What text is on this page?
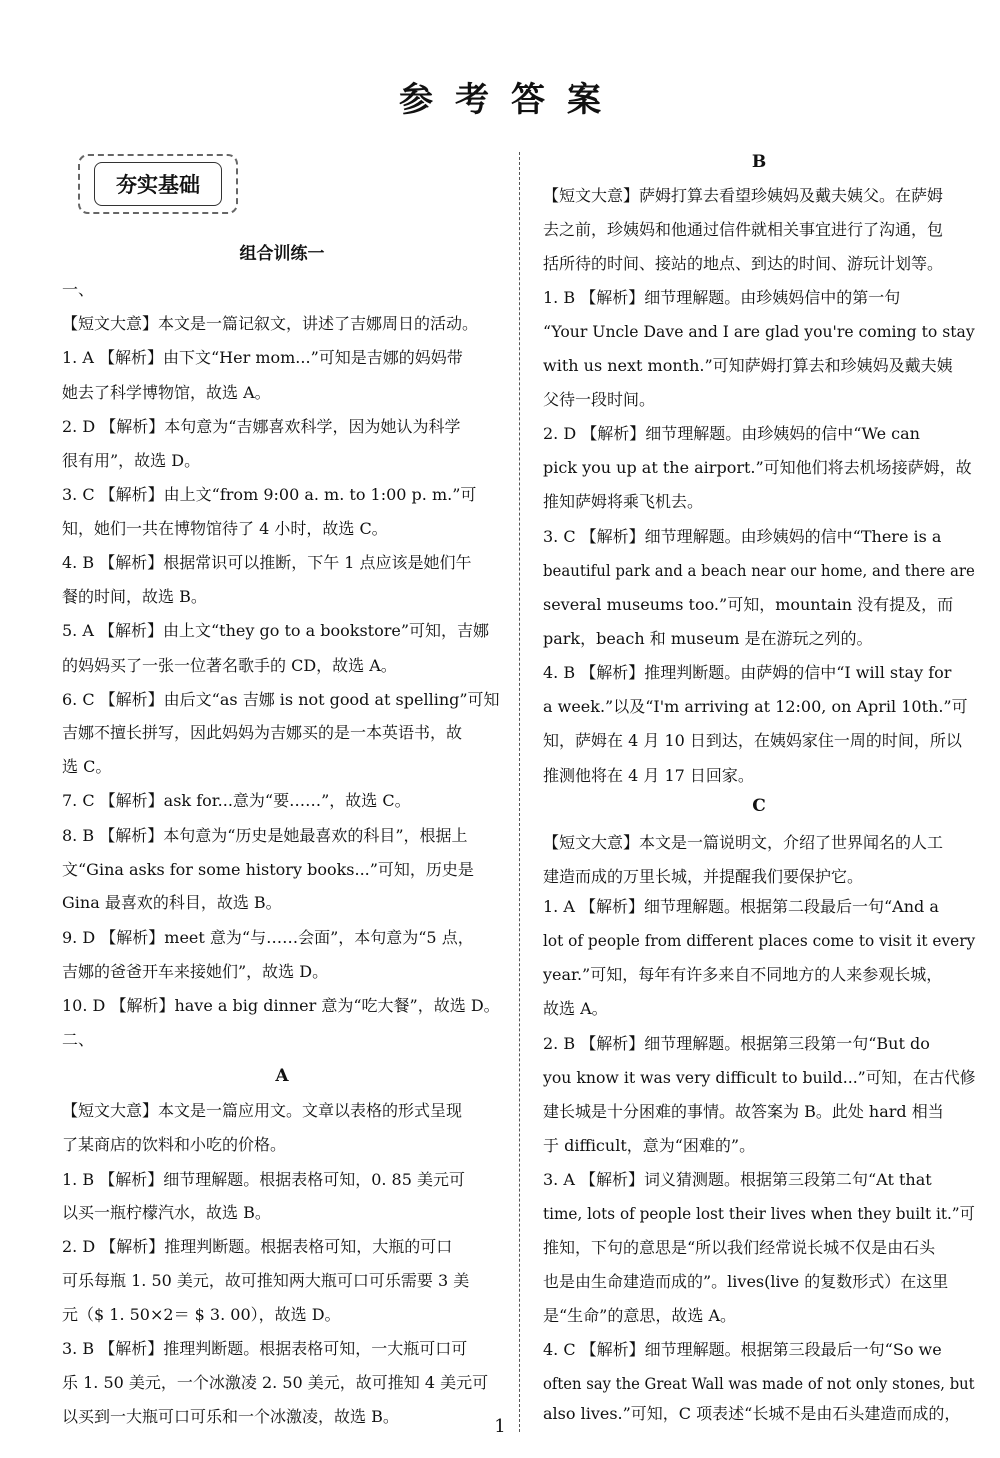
参考答案
夯实基础
组合训练一
一、
【短文大意】本文是一篇记叙文，讲述了吉娜周日的活动。
1. A 【解析】由下文“Her mom...”可知是吉娜的妈妈带
她去了科学博物馆，故选 A。
2. D 【解析】本句意为“吉娜喜欢科学，因为她认为科学
很有用”，故选 D。
3. C 【解析】由上文“from 9:00 a. m. to 1:00 p. m.”可
知，她们一共在博物馆待了 4 小时，故选 C。
4. B 【解析】根据常识可以推断，下午 1 点应该是她们午
餐的时间，故选 B。
5. A 【解析】由上文“they go to a bookstore”可知，吉娜
的妈妈买了一张一位著名歌手的 CD，故选 A。
6. C 【解析】由后文“as 吉娜 is not good at spelling”可知
吉娜不擅长拼写，因此妈妈为吉娜买的是一本英语书，故
选 C。
7. C 【解析】ask for...意为“要……”，故选 C。
8. B 【解析】本句意为“历史是她最喜欢的科目”，根据上
文“Gina asks for some history books...”可知，历史是
Gina 最喜欢的科目，故选 B。
9. D 【解析】meet 意为“与……会面”，本句意为“5 点，
吉娜的爸爸开车来接她们”，故选 D。
10. D 【解析】have a big dinner 意为“吃大餐”，故选 D。
二、
A
【短文大意】本文是一篇应用文。文章以表格的形式呈现
了某商店的饮料和小吃的价格。
1. B 【解析】细节理解题。根据表格可知，0. 85 美元可
以买一瓶柠檬汽水，故选 B。
2. D 【解析】推理判断题。根据表格可知，大瓶的可口
可乐每瓶 1. 50 美元，故可推知两大瓶可口可乐需要 3 美
元（$ 1. 50×2＝ $ 3. 00），故选 D。
3. B 【解析】推理判断题。根据表格可知，一大瓶可口可
乐 1. 50 美元，一个冰激凌 2. 50 美元，故可推知 4 美元可
以买到一大瓶可口可乐和一个冰激凌，故选 B。
B
【短文大意】萨姆打算去看望珍姨妈及戴夫姨父。在萨姆
去之前，珍姨妈和他通过信件就相关事宜进行了沟通，包
括所待的时间、接站的地点、到达的时间、游玩计划等。
1. B 【解析】细节理解题。由珍姨妈信中的第一句
“Your Uncle Dave and I are glad you're coming to stay
with us next month.”可知萨姆打算去和珍姨妈及戴夫姨
父待一段时间。
2. D 【解析】细节理解题。由珍姨妈的信中“We can
pick you up at the airport.”可知他们将去机场接萨姆，故
推知萨姆将乘飞机去。
3. C 【解析】细节理解题。由珍姨妈的信中“There is a
beautiful park and a beach near our home, and there are
several museums too.”可知，mountain 没有提及，而
park，beach 和 museum 是在游玩之列的。
4. B 【解析】推理判断题。由萨姆的信中“I will stay for
a week.”以及“I'm arriving at 12:00, on April 10th.”可
知，萨姆在 4 月 10 日到达，在姨妈家住一周的时间，所以
推测他将在 4 月 17 日回家。
C
【短文大意】本文是一篇说明文，介绍了世界闻名的人工
建造而成的万里长城，并提醒我们要保护它。
1. A 【解析】细节理解题。根据第二段最后一句“And a
lot of people from different places come to visit it every
year.”可知，每年有许多来自不同地方的人来参观长城，
故选 A。
2. B 【解析】细节理解题。根据第三段第一句“But do
you know it was very difficult to build...”可知，在古代修
建长城是十分困难的事情。故答案为 B。此处 hard 相当
于 difficult，意为“困难的”。
3. A 【解析】词义猜测题。根据第三段第二句“At that
time, lots of people lost their lives when they built it.”可
推知，下句的意思是“所以我们经常说长城不仅是由石头
也是由生命建造而成的”。lives(live 的复数形式）在这里
是“生命”的意思，故选 A。
4. C 【解析】细节理解题。根据第三段最后一句“So we
often say the Great Wall was made of not only stones, but
also lives.”可知，C 项表述“长城不是由石头建造而成的，
1
